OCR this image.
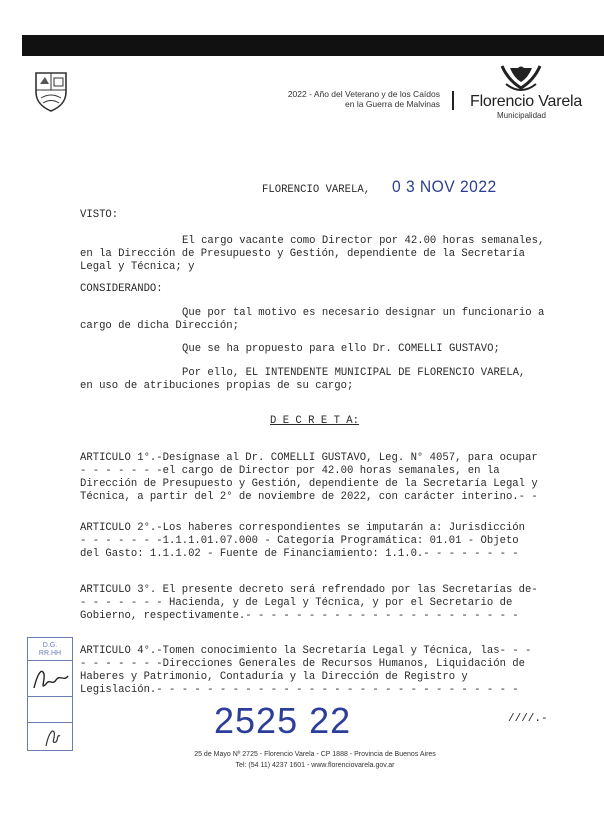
2022 - Año del Veterano y de los Caídos
en la Guerra de Malvinas Florencio Varela
Municipalidad
FLORENCIO VARELA, 0 3 NOV 2022
VISTO:
El cargo vacante como Director por 42.00 horas semanales,
en la Dirección de Presupuesto y Gestión, dependiente de la Secretaría
Legal y Técnica; y
CONSIDERANDO:
Que por tal motivo es necesario designar un funcionario a
cargo de dicha Dirección;
Que se ha propuesto para ello Dr. COMELLI GUSTAVO;
Por ello, EL INTENDENTE MUNICIPAL DE FLORENCIO VARELA,
en uso de atribuciones propias de su cargo;
D E C R E T A:
ARTICULO 1°.-Desígnase al Dr. COMELLI GUSTAVO, Leg. N° 4057, para ocupar
- - - - - - -el cargo de Director por 42.00 horas semanales, en la
Dirección de Presupuesto y Gestión, dependiente de la Secretaría Legal y
Técnica, a partir del 2° de noviembre de 2022, con carácter interino.- -
ARTICULO 2°.-Los haberes correspondientes se imputarán a: Jurisdicción
- - - - - - -1.1.1.01.07.000 - Categoría Programática: 01.01 - Objeto
del Gasto: 1.1.1.02 - Fuente de Financiamiento: 1.1.0.- - - - - - - -
ARTICULO 3°. El presente decreto será refrendado por las Secretarías de-
- - - - - - - Hacienda, y de Legal y Técnica, y por el Secretario de
Gobierno, respectivamente.- - - - - - - - - - - - - - - - - - - - - -
ARTICULO 4°.-Tomen conocimiento la Secretaría Legal y Técnica, las- - -
- - - - - - -Direcciones Generales de Recursos Humanos, Liquidación de
Haberes y Patrimonio, Contaduría y la Dirección de Registro y
Legislación.- - - - - - - - - - - - - - - - - - - - - - - - - - - - -
D.G.
RR.HH
2525 22	////.-
25 de Mayo Nº 2725 - Florencio Varela - CP 1888 - Provincia de Buenos Aires
Tel: (54 11) 4237 1601 - www.florenciovarela.gov.ar
